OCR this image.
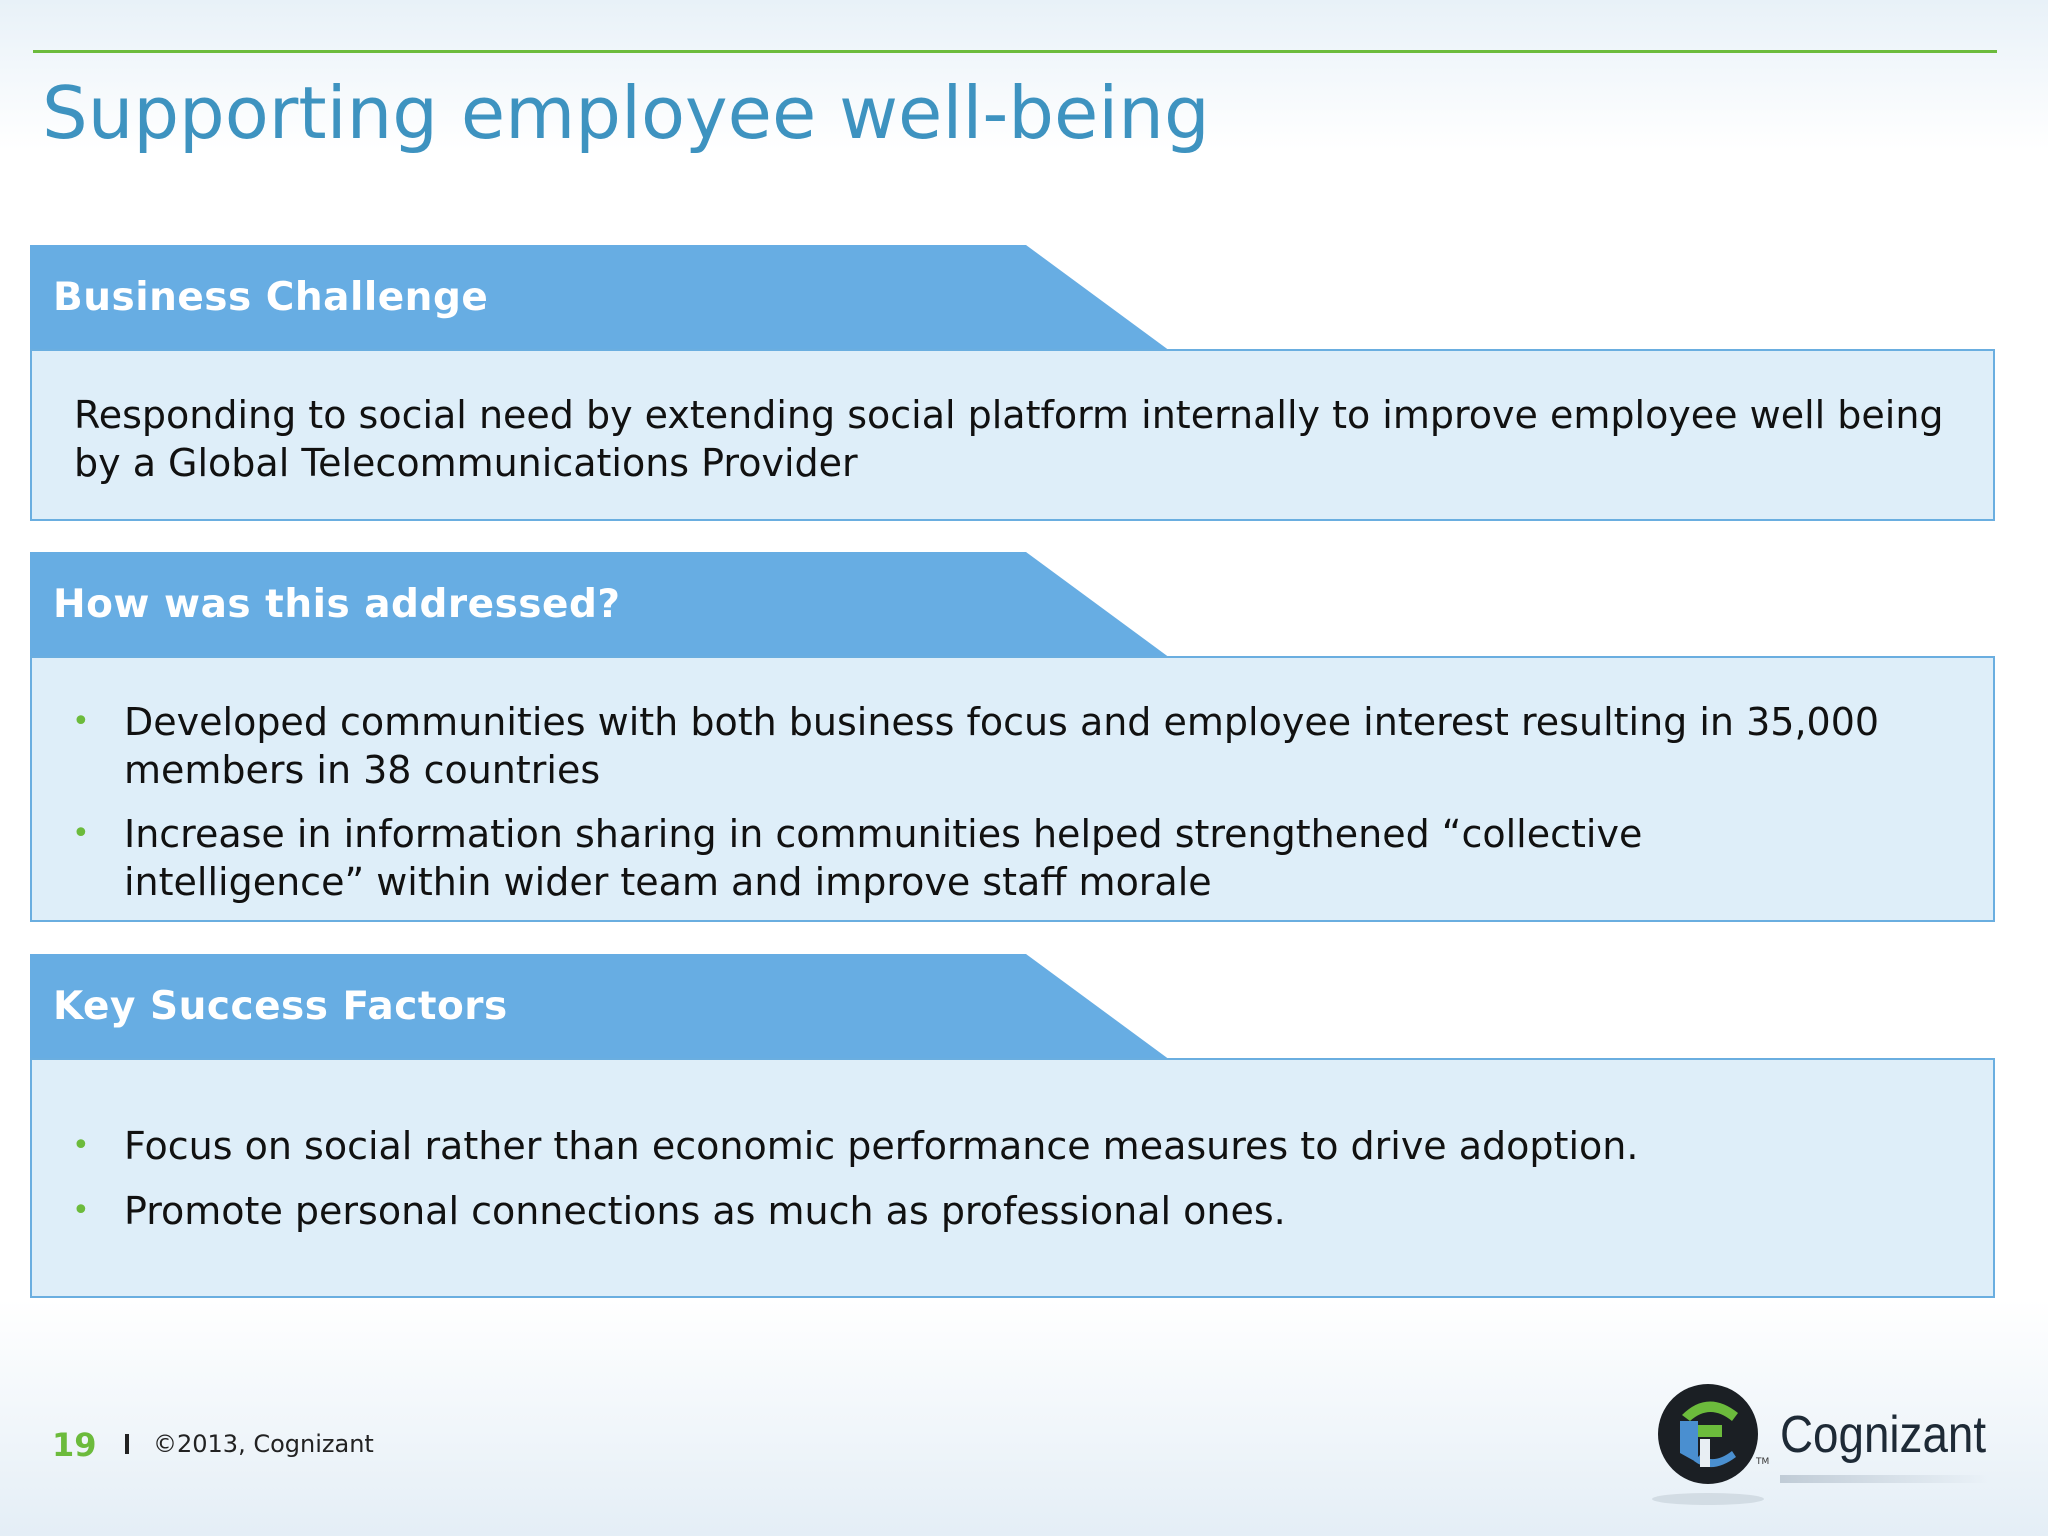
Supporting employee well-being
Business Challenge
Responding to social need by extending social platform internally to improve employee well being by a Global Telecommunications Provider
How was this addressed?
• Developed communities with both business focus and employee interest resulting in 35,000 members in 38 countries
• Increase in information sharing in communities helped strengthened “collective intelligence” within wider team and improve staff morale
Key Success Factors
• Focus on social rather than economic performance measures to drive adoption.
• Promote personal connections as much as professional ones.
19 ©2013, Cognizant	Cognizant
TM
